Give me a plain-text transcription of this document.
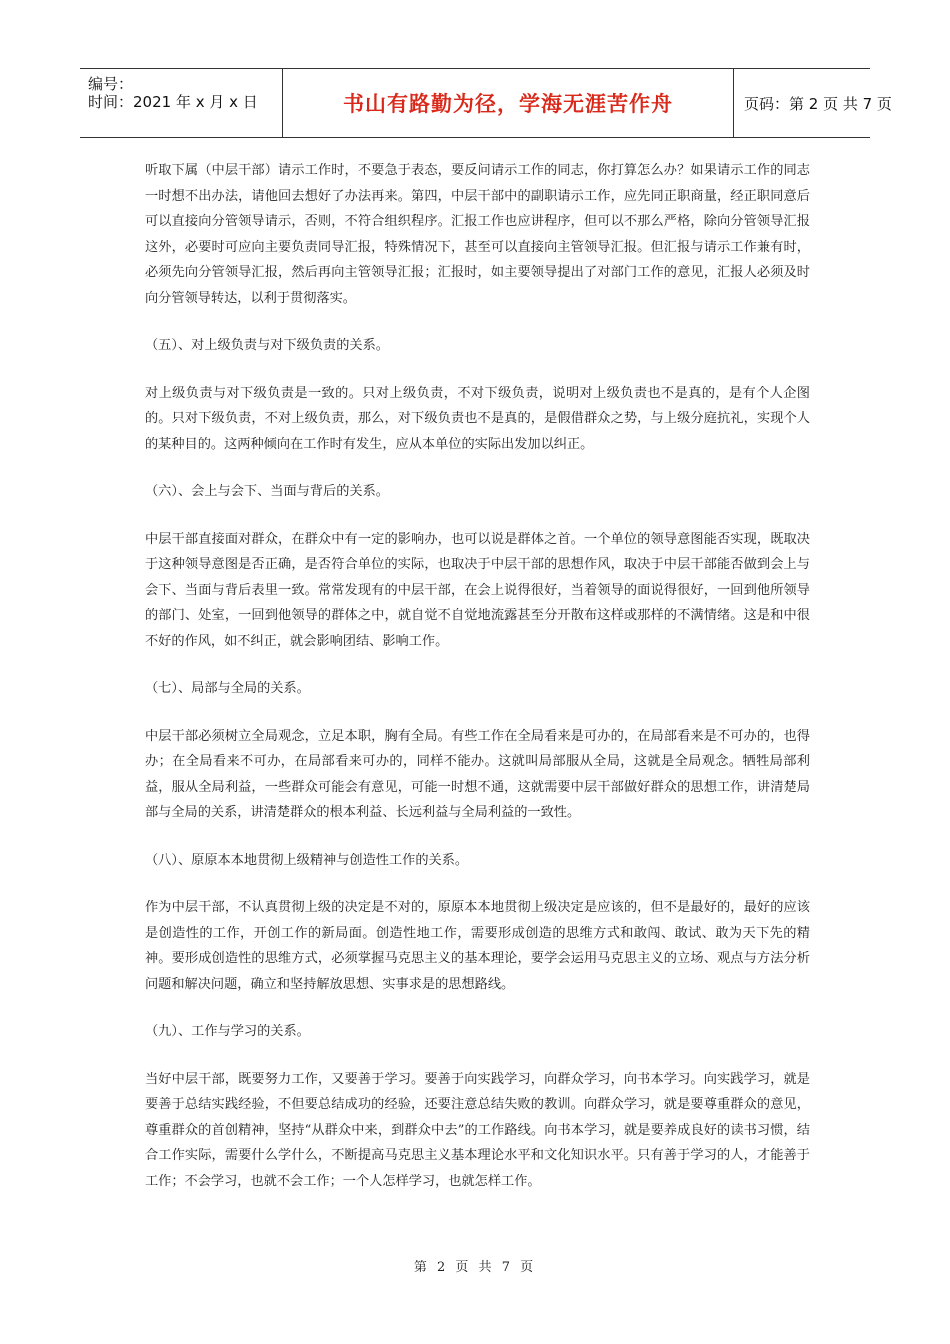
编号：
时间：2021 年 x 月 x 日	书山有路勤为径，学海无涯苦作舟	页码：第 2 页 共 7 页

听取下属（中层干部）请示工作时，不要急于表态，要反问请示工作的同志，你打算怎么办？如果请示工作的同志一时想不出办法，请他回去想好了办法再来。第四，中层干部中的副职请示工作，应先同正职商量，经正职同意后可以直接向分管领导请示，否则，不符合组织程序。汇报工作也应讲程序，但可以不那么严格，除向分管领导汇报这外，必要时可应向主要负责同导汇报，特殊情况下，甚至可以直接向主管领导汇报。但汇报与请示工作兼有时，必须先向分管领导汇报，然后再向主管领导汇报；汇报时，如主要领导提出了对部门工作的意见，汇报人必须及时向分管领导转达，以利于贯彻落实。

（五）、对上级负责与对下级负责的关系。

对上级负责与对下级负责是一致的。只对上级负责，不对下级负责，说明对上级负责也不是真的，是有个人企图的。只对下级负责，不对上级负责，那么，对下级负责也不是真的，是假借群众之势，与上级分庭抗礼，实现个人的某种目的。这两种倾向在工作时有发生，应从本单位的实际出发加以纠正。

（六）、会上与会下、当面与背后的关系。

中层干部直接面对群众，在群众中有一定的影响办，也可以说是群体之首。一个单位的领导意图能否实现，既取决于这种领导意图是否正确，是否符合单位的实际，也取决于中层干部的思想作风，取决于中层干部能否做到会上与会下、当面与背后表里一致。常常发现有的中层干部，在会上说得很好，当着领导的面说得很好，一回到他所领导的部门、处室，一回到他领导的群体之中，就自觉不自觉地流露甚至分开散布这样或那样的不满情绪。这是和中很不好的作风，如不纠正，就会影响团结、影响工作。

（七）、局部与全局的关系。

中层干部必须树立全局观念，立足本职，胸有全局。有些工作在全局看来是可办的，在局部看来是不可办的，也得办；在全局看来不可办，在局部看来可办的，同样不能办。这就叫局部服从全局，这就是全局观念。牺牲局部利益，服从全局利益，一些群众可能会有意见，可能一时想不通，这就需要中层干部做好群众的思想工作，讲清楚局部与全局的关系，讲清楚群众的根本利益、长远利益与全局利益的一致性。

（八）、原原本本地贯彻上级精神与创造性工作的关系。

作为中层干部，不认真贯彻上级的决定是不对的，原原本本地贯彻上级决定是应该的，但不是最好的，最好的应该是创造性的工作，开创工作的新局面。创造性地工作，需要形成创造的思维方式和敢闯、敢试、敢为天下先的精神。要形成创造性的思维方式，必须掌握马克思主义的基本理论，要学会运用马克思主义的立场、观点与方法分析问题和解决问题，确立和坚持解放思想、实事求是的思想路线。

（九）、工作与学习的关系。

当好中层干部，既要努力工作，又要善于学习。要善于向实践学习，向群众学习，向书本学习。向实践学习，就是要善于总结实践经验，不但要总结成功的经验，还要注意总结失败的教训。向群众学习，就是要尊重群众的意见，尊重群众的首创精神，坚持“从群众中来，到群众中去”的工作路线。向书本学习，就是要养成良好的读书习惯，结合工作实际，需要什么学什么，不断提高马克思主义基本理论水平和文化知识水平。只有善于学习的人，才能善于工作；不会学习，也就不会工作；一个人怎样学习，也就怎样工作。

第 2 页 共 7 页
